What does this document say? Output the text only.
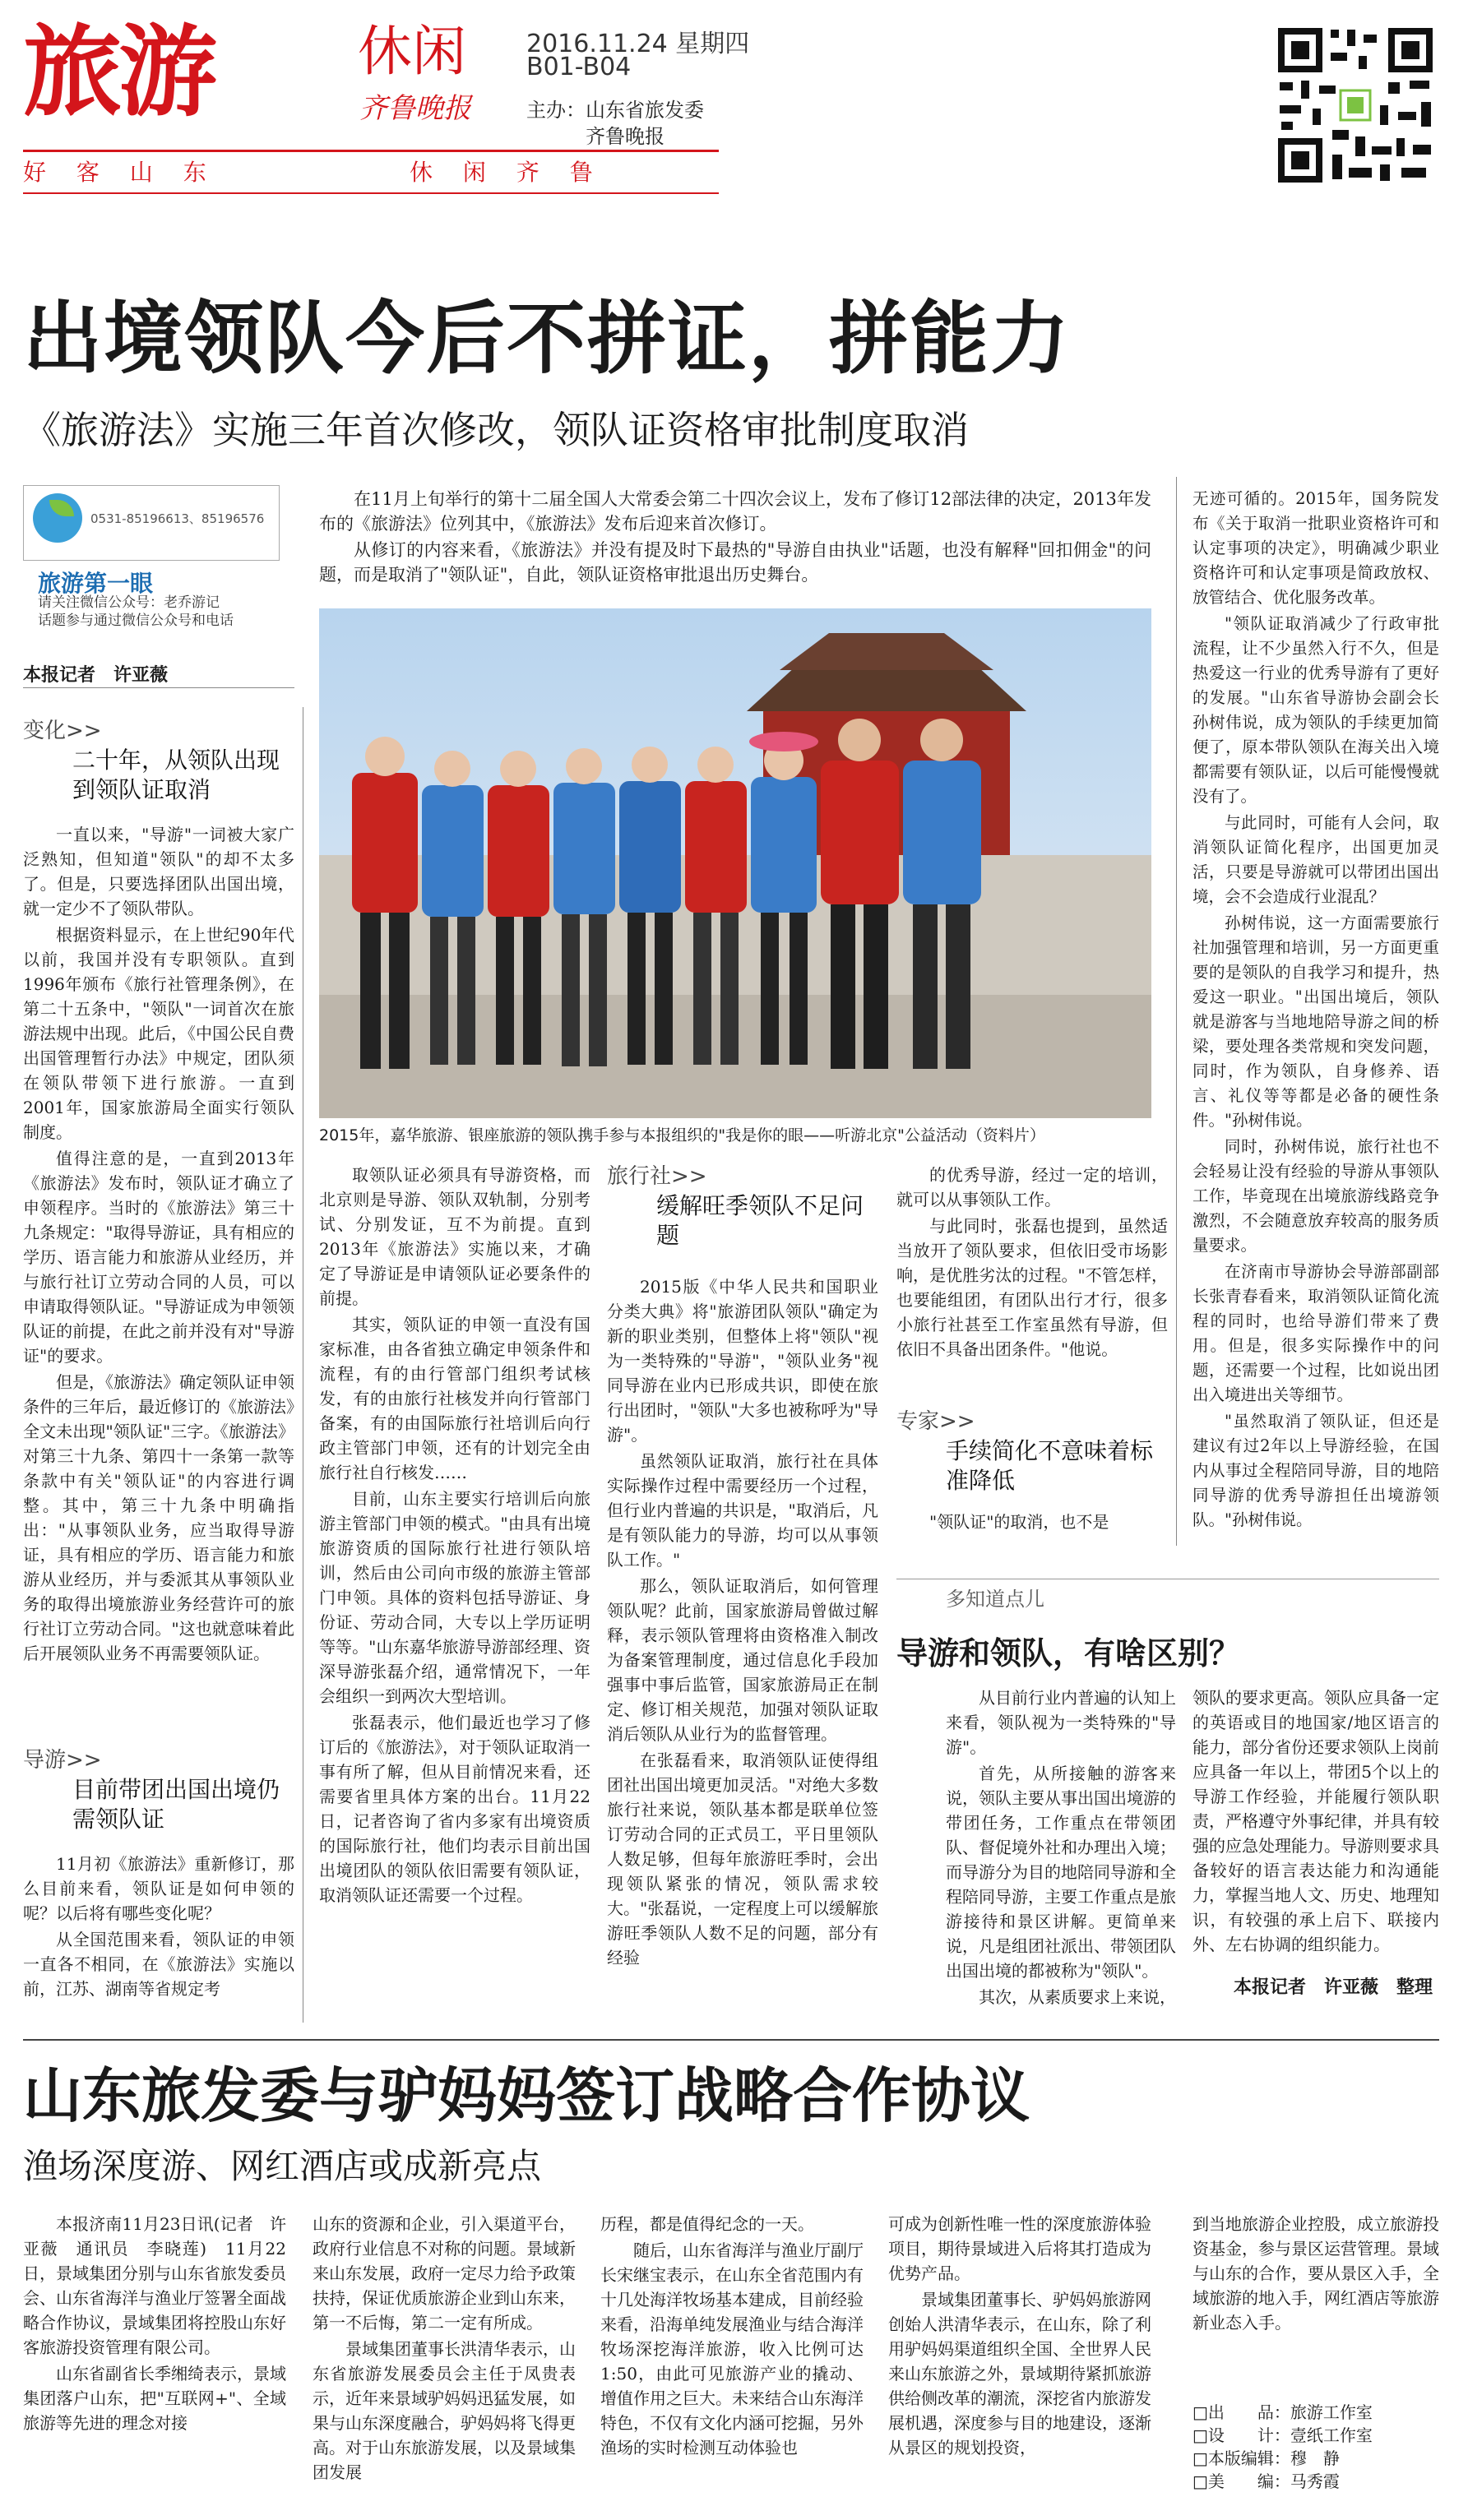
旅游	休闲
齐鲁晚报
2016.11.24 星期四
B01-B04
主办：山东省旅发委
齐鲁晚报
好 客 山 东	休 闲 齐 鲁
出境领队今后不拼证，拼能力
《旅游法》实施三年首次修改，领队证资格审批制度取消
0531-85196613、85196576
旅游第一眼
请关注微信公众号：老乔游记
话题参与通过微信公众号和电话
本报记者　许亚薇

在11月上旬举行的第十二届全国人大常委会第二十四次会议上，发布了修订12部法律的决定，2013年发布的《旅游法》位列其中，《旅游法》发布后迎来首次修订。

从修订的内容来看，《旅游法》并没有提及时下最热的"导游自由执业"话题，也没有解释"回扣佣金"的问题，而是取消了"领队证"，自此，领队证资格审批退出历史舞台。

2015年，嘉华旅游、银座旅游的领队携手参与本报组织的"我是你的眼——听游北京"公益活动（资料片）
变化>>
二十年，从领队出现到领队证取消

一直以来，"导游"一词被大家广泛熟知，但知道"领队"的却不太多了。但是，只要选择团队出国出境，就一定少不了领队带队。

根据资料显示，在上世纪90年代以前，我国并没有专职领队。直到1996年颁布《旅行社管理条例》，在第二十五条中，"领队"一词首次在旅游法规中出现。此后，《中国公民自费出国管理暂行办法》中规定，团队须在领队带领下进行旅游。一直到2001年，国家旅游局全面实行领队制度。

值得注意的是，一直到2013年《旅游法》发布时，领队证才确立了申领程序。当时的《旅游法》第三十九条规定："取得导游证，具有相应的学历、语言能力和旅游从业经历，并与旅行社订立劳动合同的人员，可以申请取得领队证。"导游证成为申领领队证的前提，在此之前并没有对"导游证"的要求。

但是，《旅游法》确定领队证申领条件的三年后，最近修订的《旅游法》全文未出现"领队证"三字。《旅游法》对第三十九条、第四十一条第一款等条款中有关"领队证"的内容进行调整。其中，第三十九条中明确指出："从事领队业务，应当取得导游证，具有相应的学历、语言能力和旅游从业经历，并与委派其从事领队业务的取得出境旅游业务经营许可的旅行社订立劳动合同。"这也就意味着此后开展领队业务不再需要领队证。

导游>>
目前带团出国出境仍需领队证

11月初《旅游法》重新修订，那么目前来看，领队证是如何申领的呢？以后将有哪些变化呢？

从全国范围来看，领队证的申领一直各不相同，在《旅游法》实施以前，江苏、湖南等省规定考

取领队证必须具有导游资格，而北京则是导游、领队双轨制，分别考试、分别发证，互不为前提。直到2013年《旅游法》实施以来，才确定了导游证是申请领队证必要条件的前提。

其实，领队证的申领一直没有国家标准，由各省独立确定申领条件和流程，有的由行管部门组织考试核发，有的由旅行社核发并向行管部门备案，有的由国际旅行社培训后向行政主管部门申领，还有的计划完全由旅行社自行核发……

目前，山东主要实行培训后向旅游主管部门申领的模式。"由具有出境旅游资质的国际旅行社进行领队培训，然后由公司向市级的旅游主管部门申领。具体的资料包括导游证、身份证、劳动合同，大专以上学历证明等等。"山东嘉华旅游导游部经理、资深导游张磊介绍，通常情况下，一年会组织一到两次大型培训。

张磊表示，他们最近也学习了修订后的《旅游法》，对于领队证取消一事有所了解，但从目前情况来看，还需要省里具体方案的出台。11月22日，记者咨询了省内多家有出境资质的国际旅行社，他们均表示目前出国出境团队的领队依旧需要有领队证，取消领队证还需要一个过程。

旅行社>>
缓解旺季领队不足问题

2015版《中华人民共和国职业分类大典》将"旅游团队领队"确定为新的职业类别，但整体上将"领队"视为一类特殊的"导游"，"领队业务"视同导游在业内已形成共识，即使在旅行出团时，"领队"大多也被称呼为"导游"。

虽然领队证取消，旅行社在具体实际操作过程中需要经历一个过程，但行业内普遍的共识是，"取消后，凡是有领队能力的导游，均可以从事领队工作。"

那么，领队证取消后，如何管理领队呢？此前，国家旅游局曾做过解释，表示领队管理将由资格准入制改为备案管理制度，通过信息化手段加强事中事后监管，国家旅游局正在制定、修订相关规范，加强对领队证取消后领队从业行为的监督管理。

在张磊看来，取消领队证使得组团社出国出境更加灵活。"对绝大多数旅行社来说，领队基本都是联单位签订劳动合同的正式员工，平日里领队人数足够，但每年旅游旺季时，会出现领队紧张的情况，领队需求较大。"张磊说，一定程度上可以缓解旅游旺季领队人数不足的问题，部分有经验

的优秀导游，经过一定的培训，就可以从事领队工作。

与此同时，张磊也提到，虽然适当放开了领队要求，但依旧受市场影响，是优胜劣汰的过程。"不管怎样，也要能组团，有团队出行才行，很多小旅行社甚至工作室虽然有导游，但依旧不具备出团条件。"他说。

专家>>
手续简化不意味着标准降低

"领队证"的取消，也不是

无迹可循的。2015年，国务院发布《关于取消一批职业资格许可和认定事项的决定》，明确减少职业资格许可和认定事项是简政放权、放管结合、优化服务改革。

"领队证取消减少了行政审批流程，让不少虽然入行不久，但是热爱这一行业的优秀导游有了更好的发展。"山东省导游协会副会长孙树伟说，成为领队的手续更加简便了，原本带队领队在海关出入境都需要有领队证，以后可能慢慢就没有了。

与此同时，可能有人会问，取消领队证简化程序，出国更加灵活，只要是导游就可以带团出国出境，会不会造成行业混乱？

孙树伟说，这一方面需要旅行社加强管理和培训，另一方面更重要的是领队的自我学习和提升，热爱这一职业。"出国出境后，领队就是游客与当地地陪导游之间的桥梁，要处理各类常规和突发问题，同时，作为领队，自身修养、语言、礼仪等等都是必备的硬性条件。"孙树伟说。

同时，孙树伟说，旅行社也不会轻易让没有经验的导游从事领队工作，毕竟现在出境旅游线路竞争激烈，不会随意放弃较高的服务质量要求。

在济南市导游协会导游部副部长张青春看来，取消领队证简化流程的同时，也给导游们带来了费用。但是，很多实际操作中的问题，还需要一个过程，比如说出团出入境进出关等细节。

"虽然取消了领队证，但还是建议有过2年以上导游经验，在国内从事过全程陪同导游，目的地陪同导游的优秀导游担任出境游领队。"孙树伟说。

多知道点儿
导游和领队，有啥区别？

从目前行业内普遍的认知上来看，领队视为一类特殊的"导游"。

首先，从所接触的游客来说，领队主要从事出国出境游的带团任务，工作重点在带领团队、督促境外社和办理出入境；而导游分为目的地陪同导游和全程陪同导游，主要工作重点是旅游接待和景区讲解。更简单来说，凡是组团社派出、带领团队出国出境的都被称为"领队"。

其次，从素质要求上来说，

领队的要求更高。领队应具备一定的英语或目的地国家/地区语言的能力，部分省份还要求领队上岗前应具备一年以上，带团5个以上的导游工作经验，并能履行领队职责，严格遵守外事纪律，并具有较强的应急处理能力。导游则要求具备较好的语言表达能力和沟通能力，掌握当地人文、历史、地理知识，有较强的承上启下、联接内外、左右协调的组织能力。

本报记者　许亚薇　整理
山东旅发委与驴妈妈签订战略合作协议
渔场深度游、网红酒店或成新亮点

本报济南11月23日讯(记者　许亚薇　通讯员　李晓莲)　11月22日，景域集团分别与山东省旅发委员会、山东省海洋与渔业厅签署全面战略合作协议，景域集团将控股山东好客旅游投资管理有限公司。

山东省副省长季缃绮表示，景域集团落户山东，把"互联网+"、全域旅游等先进的理念对接

山东的资源和企业，引入渠道平台，政府行业信息不对称的问题。景域新来山东发展，政府一定尽力给予政策扶持，保证优质旅游企业到山东来，第一不后悔，第二一定有所成。

景域集团董事长洪清华表示，山东省旅游发展委员会主任于凤贵表示，近年来景域驴妈妈迅猛发展，如果与山东深度融合，驴妈妈将飞得更高。对于山东旅游发展，以及景域集团发展

历程，都是值得纪念的一天。

随后，山东省海洋与渔业厅副厅长宋继宝表示，在山东全省范围内有十几处海洋牧场基本建成，目前经验来看，沿海单纯发展渔业与结合海洋牧场深挖海洋旅游，收入比例可达1:50，由此可见旅游产业的撬动、增值作用之巨大。未来结合山东海洋特色，不仅有文化内涵可挖掘，另外渔场的实时检测互动体验也

可成为创新性唯一性的深度旅游体验项目，期待景域进入后将其打造成为优势产品。

景域集团董事长、驴妈妈旅游网创始人洪清华表示，在山东，除了利用驴妈妈渠道组织全国、全世界人民来山东旅游之外，景域期待紧抓旅游供给侧改革的潮流，深挖省内旅游发展机遇，深度参与目的地建设，逐渐从景区的规划投资，

到当地旅游企业控股，成立旅游投资基金，参与景区运营管理。景域与山东的合作，要从景区入手，全域旅游的地入手，网红酒店等旅游新业态入手。

□出　　品：旅游工作室
□设　　计：壹纸工作室
□本版编辑：穆　静
□美　　编：马秀霞
